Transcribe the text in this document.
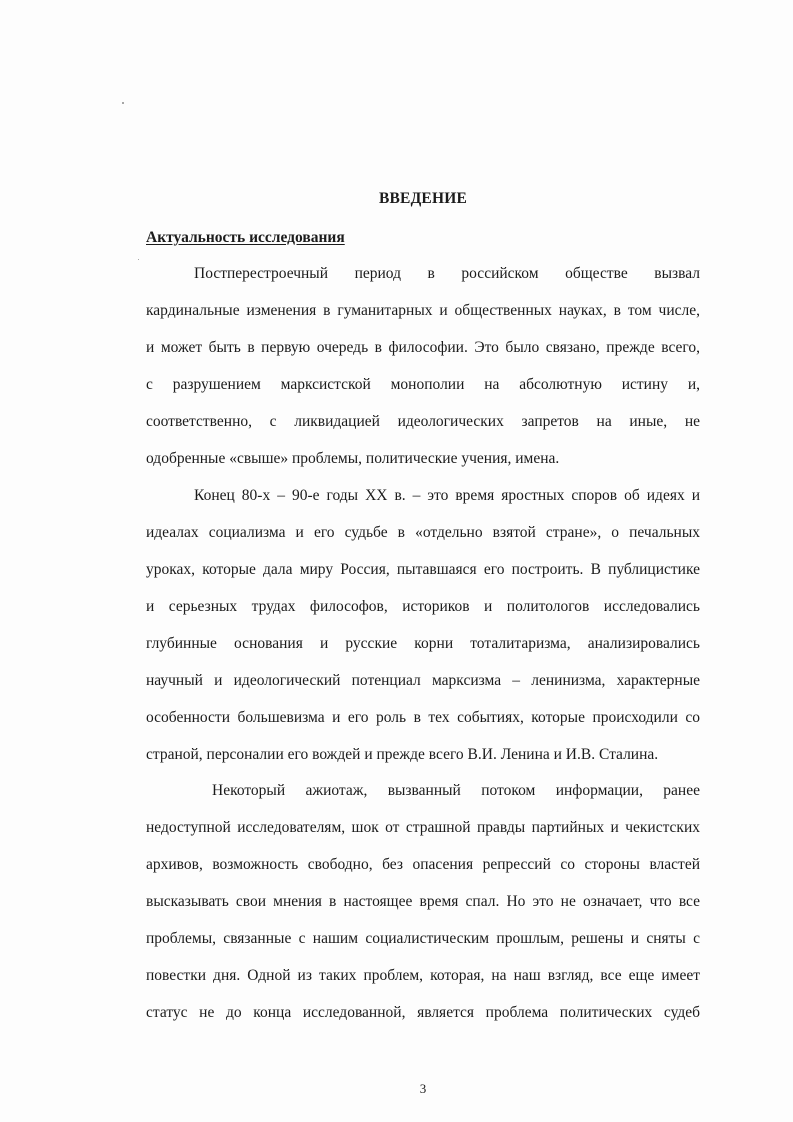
ВВЕДЕНИЕ
Актуальность исследования
Постперестроечный период в российском обществе вызвал
кардинальные изменения в гуманитарных и общественных науках, в том числе,
и может быть в первую очередь в философии. Это было связано, прежде всего,
с разрушением марксистской монополии на абсолютную истину и,
соответственно, с ликвидацией идеологических запретов на иные, не
одобренные «свыше» проблемы, политические учения, имена.
Конец 80-х – 90-е годы XX в. – это время яростных споров об идеях и
идеалах социализма и его судьбе в «отдельно взятой стране», о печальных
уроках, которые дала миру Россия, пытавшаяся его построить. В публицистике
и серьезных трудах философов, историков и политологов исследовались
глубинные основания и русские корни тоталитаризма, анализировались
научный и идеологический потенциал марксизма – ленинизма, характерные
особенности большевизма и его роль в тех событиях, которые происходили со
страной, персоналии его вождей и прежде всего В.И. Ленина и И.В. Сталина.
Некоторый ажиотаж, вызванный потоком информации, ранее
недоступной исследователям, шок от страшной правды партийных и чекистских
архивов, возможность свободно, без опасения репрессий со стороны властей
высказывать свои мнения в настоящее время спал. Но это не означает, что все
проблемы, связанные с нашим социалистическим прошлым, решены и сняты с
повестки дня. Одной из таких проблем, которая, на наш взгляд, все еще имеет
статус не до конца исследованной, является проблема политических судеб
3
